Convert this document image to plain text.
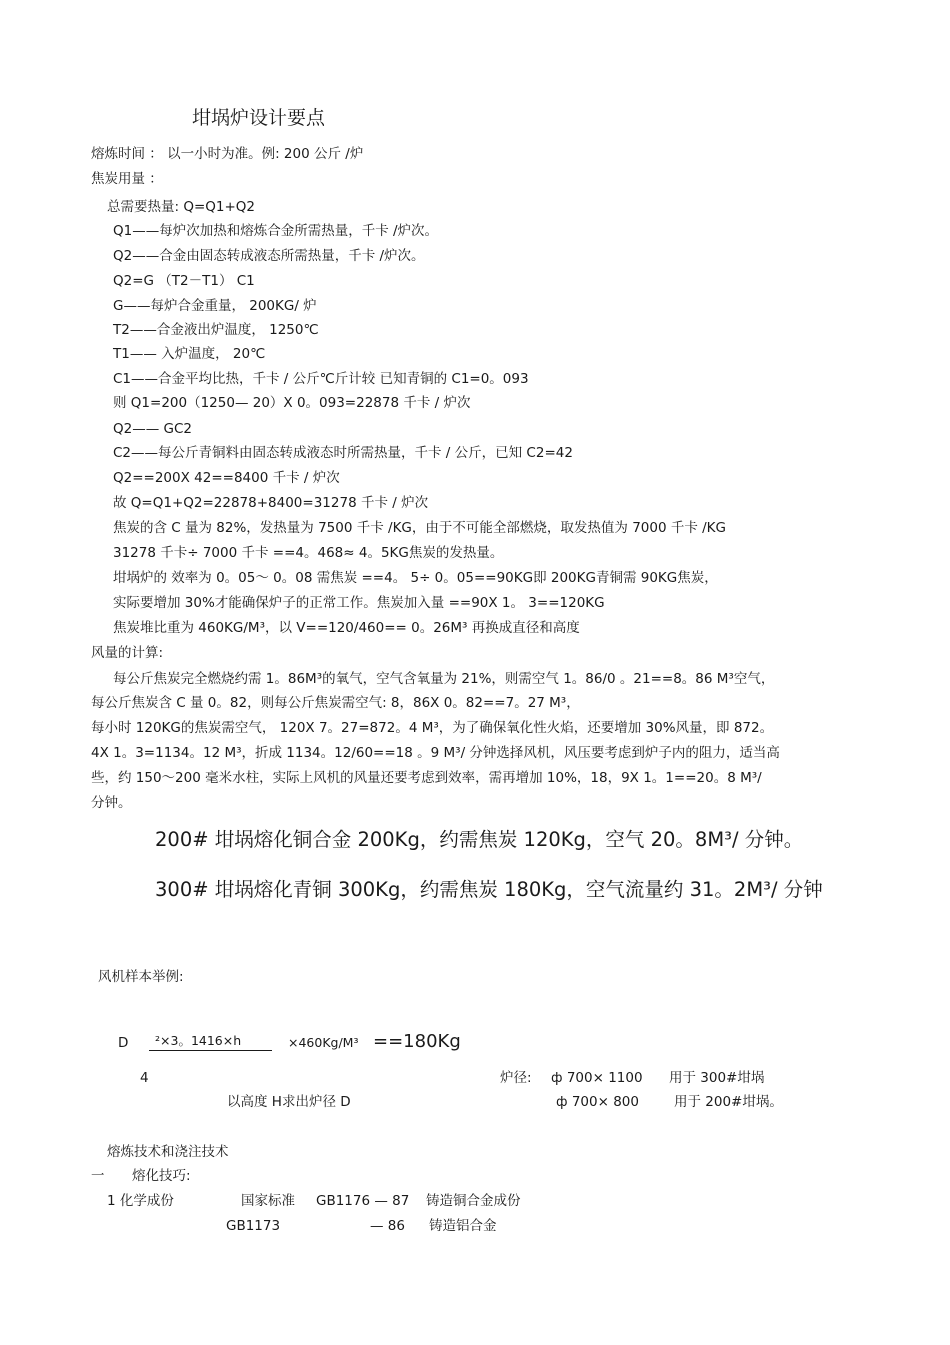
坩埚炉设计要点
熔炼时间 ： 以一小时为准。例: 200 公斤 /炉
焦炭用量 ：
总需要热量: Q=Q1+Q2
Q1——每炉次加热和熔炼合金所需热量，千卡 /炉次。
Q2——合金由固态转成液态所需热量，千卡 /炉次。
Q2=G （T2－T1） C1
G——每炉合金重量， 200KG/ 炉
T2——合金液出炉温度， 1250℃
T1—— 入炉温度， 20℃
C1——合金平均比热，千卡 / 公斤℃斤计较 已知青铜的 C1=0。093
则 Q1=200（1250— 20）X 0。093=22878 千卡 / 炉次
Q2—— GC2
C2——每公斤青铜料由固态转成液态时所需热量，千卡 / 公斤，已知 C2=42
Q2==200X 42==8400 千卡 / 炉次
故 Q=Q1+Q2=22878+8400=31278 千卡 / 炉次
焦炭的含 C 量为 82%，发热量为 7500 千卡 /KG，由于不可能全部燃烧，取发热值为 7000 千卡 /KG
31278 千卡÷ 7000 千卡 ==4。468≈ 4。5KG焦炭的发热量。
坩埚炉的 效率为 0。05～ 0。08 需焦炭 ==4。 5÷ 0。05==90KG即 200KG青铜需 90KG焦炭，
实际要增加 30%才能确保炉子的正常工作。焦炭加入量 ==90X 1。 3==120KG
焦炭堆比重为 460KG/M³，以 V==120/460== 0。26M³ 再换成直径和高度
风量的计算:
每公斤焦炭完全燃烧约需 1。86M³的氧气，空气含氧量为 21%，则需空气 1。86/0 。21==8。86 M³空气，
每公斤焦炭含 C 量 0。82，则每公斤焦炭需空气: 8，86X 0。82==7。27 M³，
每小时 120KG的焦炭需空气， 120X 7。27=872。4 M³，为了确保氧化性火焰，还要增加 30%风量，即 872。
4X 1。3=1134。12 M³，折成 1134。12/60==18 。9 M³/ 分钟选择风机，风压要考虑到炉子内的阻力，适当高
些，约 150～200 毫米水柱，实际上风机的风量还要考虑到效率，需再增加 10%，18，9X 1。1==20。8 M³/
分钟。
200# 坩埚熔化铜合金 200Kg，约需焦炭 120Kg，空气 20。8M³/ 分钟。
300# 坩埚熔化青铜 300Kg，约需焦炭 180Kg，空气流量约 31。2M³/ 分钟
风机样本举例:
D ²×3。1416×h	×460Kg/M³ ==180Kg
4
以高度 H求出炉径 D
炉径: ф 700× 1100 用于 300#坩埚
ф 700× 800	用于 200#坩埚。
熔炼技术和浇注技术
一 熔化技巧:
1 化学成份	国家标准 GB1176 — 87 铸造铜合金成份
GB1173	— 86 铸造铝合金
